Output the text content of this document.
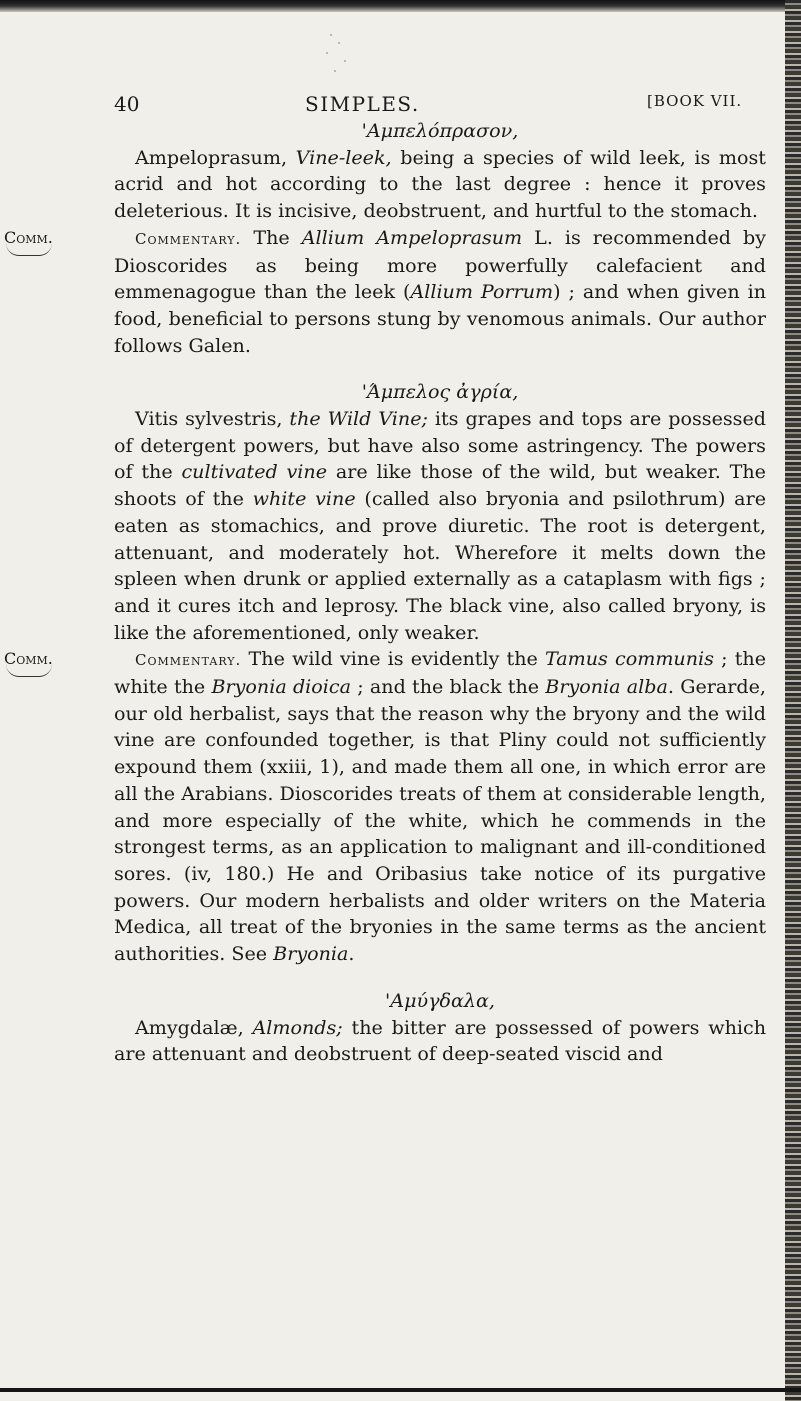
40	SIMPLES.	[BOOK VII.
'Αμπελόπρασον,

Ampeloprasum, Vine-leek, being a species of wild leek, is most acrid and hot according to the last degree : hence it proves deleterious. It is incisive, deobstruent, and hurtful to the stomach.

Comm.	Commentary. The Allium Ampeloprasum L. is recommended by Dioscorides as being more powerfully calefacient and emmenagogue than the leek (Allium Porrum) ; and when given in food, beneficial to persons stung by venomous animals. Our author follows Galen.

'Άμπελος ἀγρία,

Vitis sylvestris, the Wild Vine; its grapes and tops are possessed of detergent powers, but have also some astringency. The powers of the cultivated vine are like those of the wild, but weaker. The shoots of the white vine (called also bryonia and psilothrum) are eaten as stomachics, and prove diuretic. The root is detergent, attenuant, and moderately hot. Wherefore it melts down the spleen when drunk or applied externally as a cataplasm with figs ; and it cures itch and leprosy. The black vine, also called bryony, is like the aforementioned, only weaker.

Comm.	Commentary. The wild vine is evidently the Tamus communis ; the white the Bryonia dioica ; and the black the Bryonia alba. Gerarde, our old herbalist, says that the reason why the bryony and the wild vine are confounded together, is that Pliny could not sufficiently expound them (xxiii, 1), and made them all one, in which error are all the Arabians. Dioscorides treats of them at considerable length, and more especially of the white, which he commends in the strongest terms, as an application to malignant and ill-conditioned sores. (iv, 180.) He and Oribasius take notice of its purgative powers. Our modern herbalists and older writers on the Materia Medica, all treat of the bryonies in the same terms as the ancient authorities. See Bryonia.

'Αμύγδαλα,

Amygdalæ, Almonds; the bitter are possessed of powers which are attenuant and deobstruent of deep-seated viscid and
